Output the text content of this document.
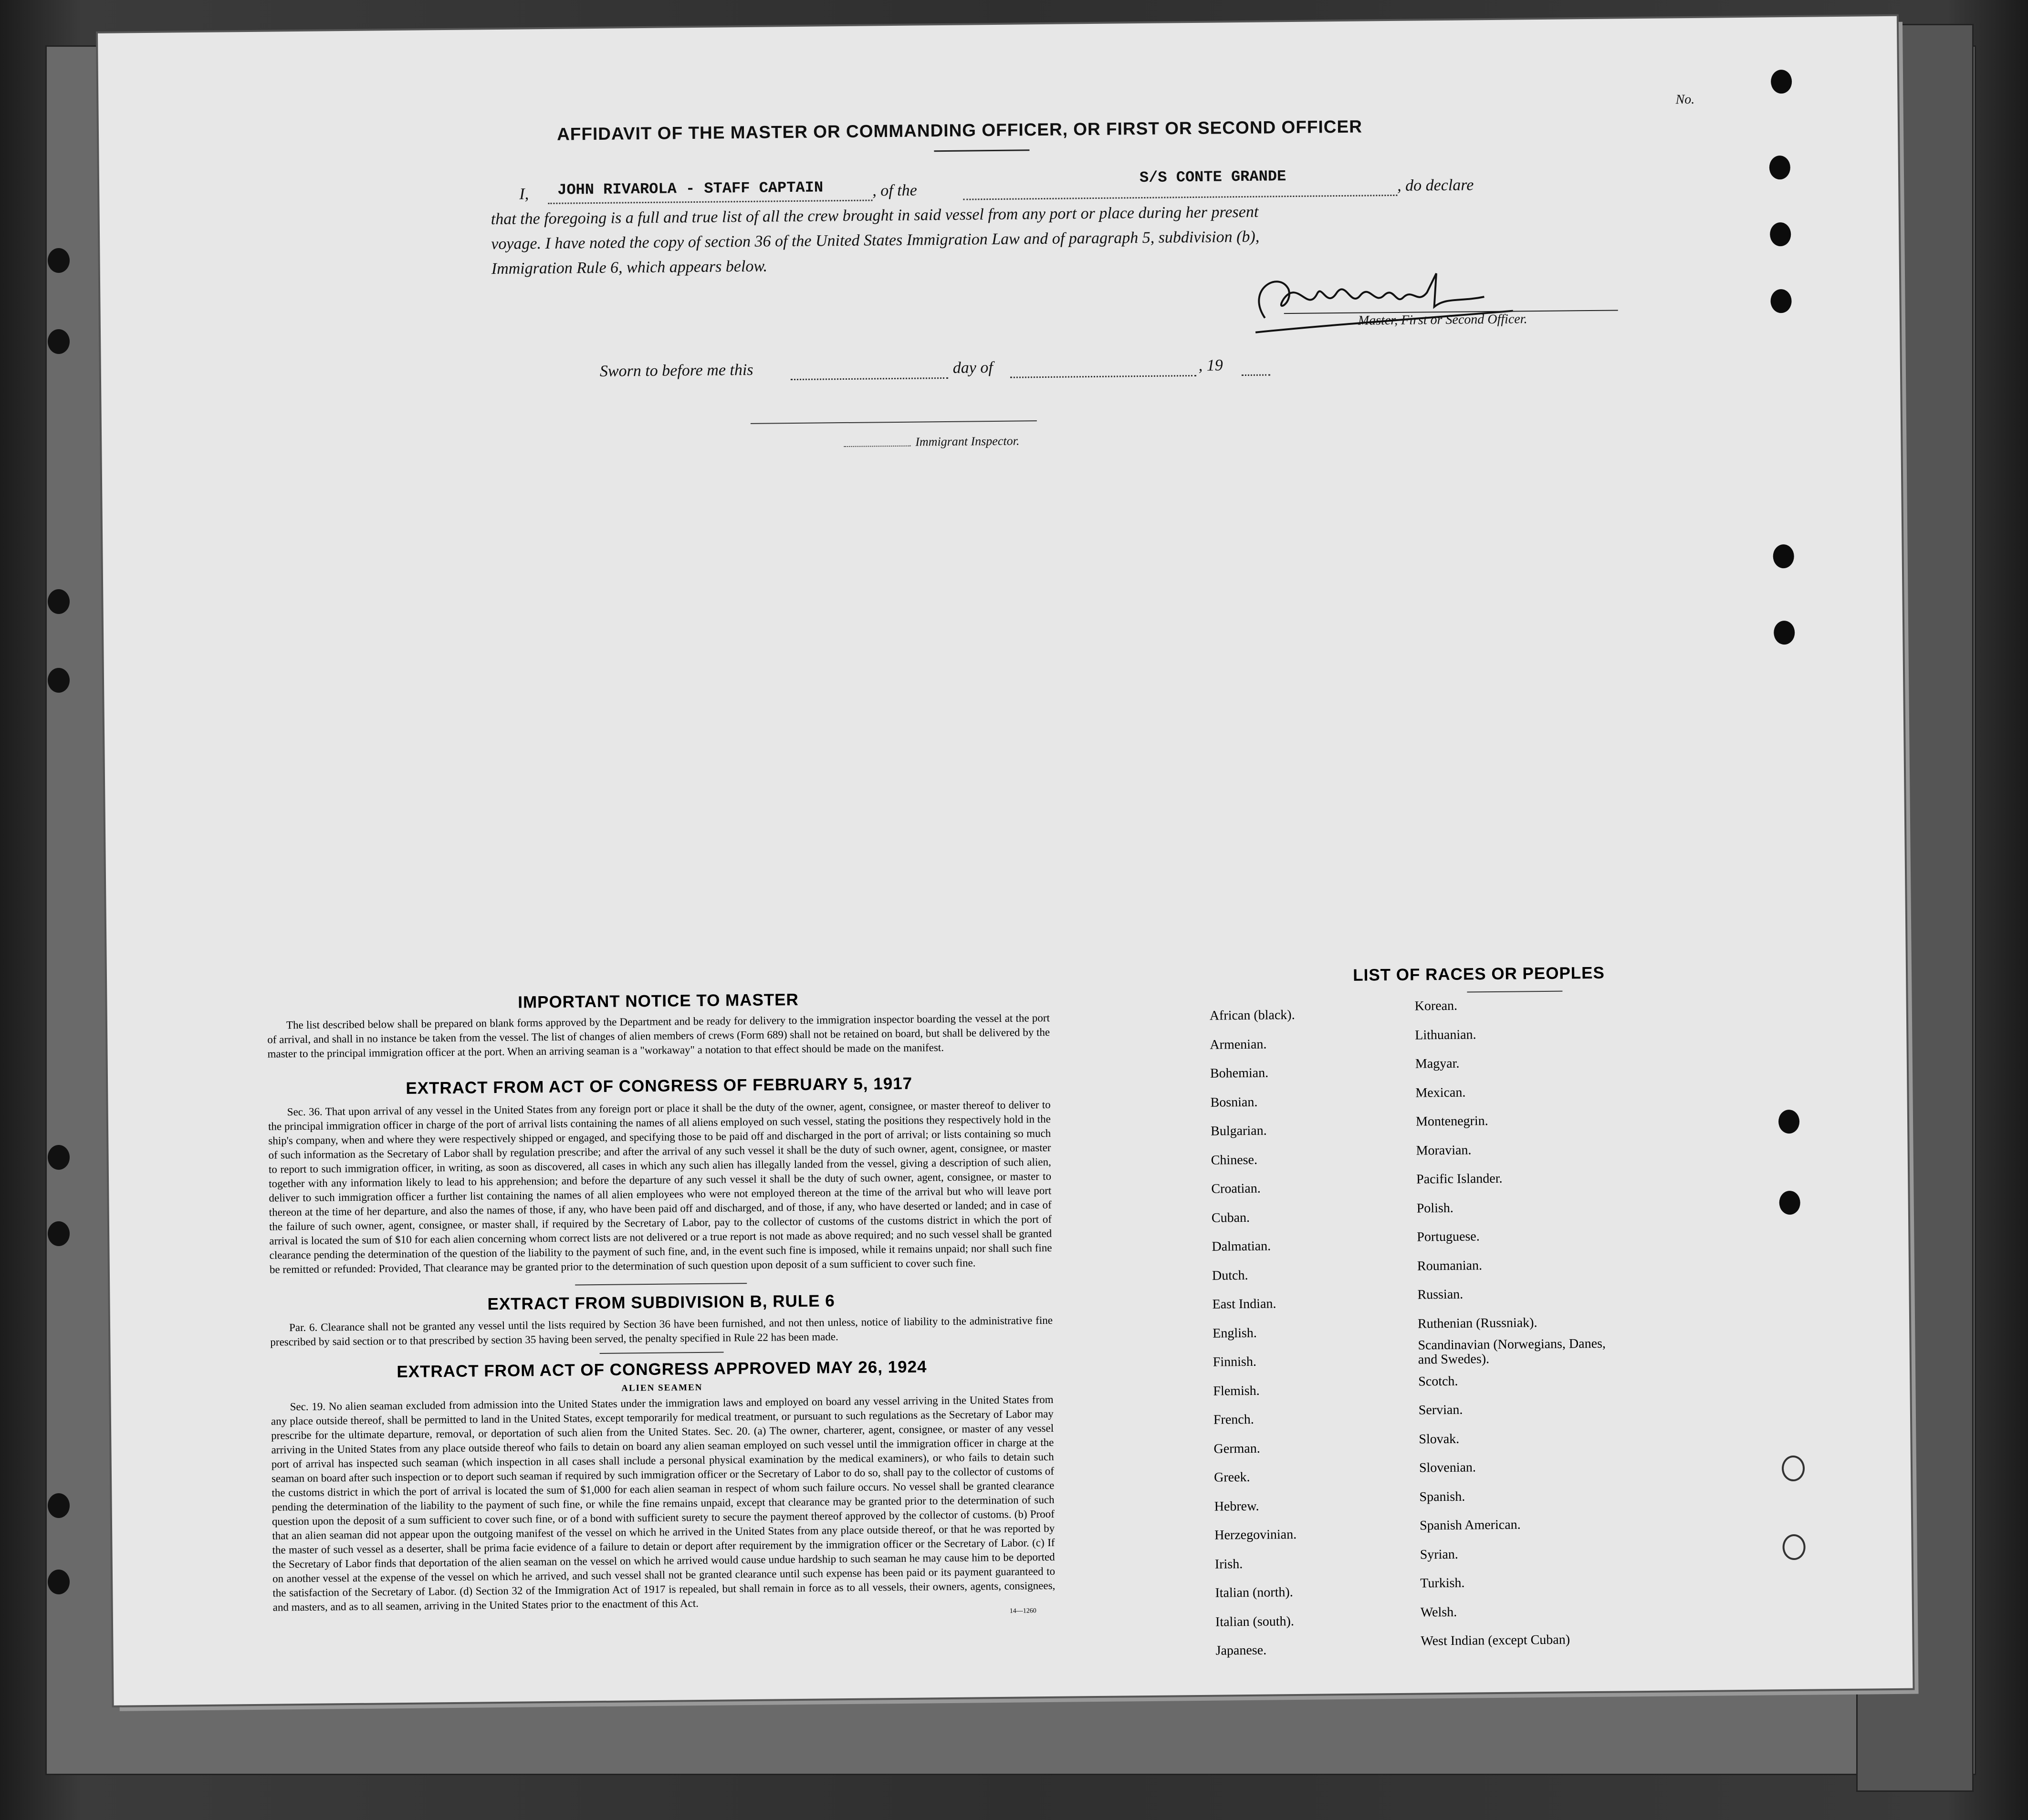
No.
AFFIDAVIT OF THE MASTER OR COMMANDING OFFICER, OR FIRST OR SECOND OFFICER
I, JOHN RIVAROLA - STAFF CAPTAIN	, of the
S/S CONTE GRANDE	, do declare
that the foregoing is a full and true list of all the crew brought in said vessel from any port or place during her present
voyage. I have noted the copy of section 36 of the United States Immigration Law and of paragraph 5, subdivision (b),
Immigration Rule 6, which appears below.
Master, First or Second Officer.
Sworn to before me this	day of	, 19
Immigrant Inspector.
IMPORTANT NOTICE TO MASTER
The list described below shall be prepared on blank forms approved by the Department and be ready for delivery to the immigration inspector boarding the vessel at the port of arrival, and shall in no instance be taken from the vessel. The list of changes of alien members of crews (Form 689) shall not be retained on board, but shall be delivered by the master to the principal immigration officer at the port. When an arriving seaman is a "workaway" a notation to that effect should be made on the manifest.
EXTRACT FROM ACT OF CONGRESS OF FEBRUARY 5, 1917
Sec. 36. That upon arrival of any vessel in the United States from any foreign port or place it shall be the duty of the owner, agent, consignee, or master thereof to deliver to the principal immigration officer in charge of the port of arrival lists containing the names of all aliens employed on such vessel, stating the positions they respectively hold in the ship's company, when and where they were respectively shipped or engaged, and specifying those to be paid off and discharged in the port of arrival; or lists containing so much of such information as the Secretary of Labor shall by regulation prescribe; and after the arrival of any such vessel it shall be the duty of such owner, agent, consignee, or master to report to such immigration officer, in writing, as soon as discovered, all cases in which any such alien has illegally landed from the vessel, giving a description of such alien, together with any information likely to lead to his apprehension; and before the departure of any such vessel it shall be the duty of such owner, agent, consignee, or master to deliver to such immigration officer a further list containing the names of all alien employees who were not employed thereon at the time of the arrival but who will leave port thereon at the time of her departure, and also the names of those, if any, who have been paid off and discharged, and of those, if any, who have deserted or landed; and in case of the failure of such owner, agent, consignee, or master shall, if required by the Secretary of Labor, pay to the collector of customs of the customs district in which the port of arrival is located the sum of $10 for each alien concerning whom correct lists are not delivered or a true report is not made as above required; and no such vessel shall be granted clearance pending the determination of the question of the liability to the payment of such fine, and, in the event such fine is imposed, while it remains unpaid; nor shall such fine be remitted or refunded: Provided, That clearance may be granted prior to the determination of such question upon deposit of a sum sufficient to cover such fine.
EXTRACT FROM SUBDIVISION B, RULE 6
Par. 6. Clearance shall not be granted any vessel until the lists required by Section 36 have been furnished, and not then unless, notice of liability to the administrative fine prescribed by said section or to that prescribed by section 35 having been served, the penalty specified in Rule 22 has been made.
EXTRACT FROM ACT OF CONGRESS APPROVED MAY 26, 1924
ALIEN SEAMEN
Sec. 19. No alien seaman excluded from admission into the United States under the immigration laws and employed on board any vessel arriving in the United States from any place outside thereof, shall be permitted to land in the United States, except temporarily for medical treatment, or pursuant to such regulations as the Secretary of Labor may prescribe for the ultimate departure, removal, or deportation of such alien from the United States. Sec. 20. (a) The owner, charterer, agent, consignee, or master of any vessel arriving in the United States from any place outside thereof who fails to detain on board any alien seaman employed on such vessel until the immigration officer in charge at the port of arrival has inspected such seaman (which inspection in all cases shall include a personal physical examination by the medical examiners), or who fails to detain such seaman on board after such inspection or to deport such seaman if required by such immigration officer or the Secretary of Labor to do so, shall pay to the collector of customs of the customs district in which the port of arrival is located the sum of $1,000 for each alien seaman in respect of whom such failure occurs. No vessel shall be granted clearance pending the determination of the liability to the payment of such fine, or while the fine remains unpaid, except that clearance may be granted prior to the determination of such question upon the deposit of a sum sufficient to cover such fine, or of a bond with sufficient surety to secure the payment thereof approved by the collector of customs. (b) Proof that an alien seaman did not appear upon the outgoing manifest of the vessel on which he arrived in the United States from any place outside thereof, or that he was reported by the master of such vessel as a deserter, shall be prima facie evidence of a failure to detain or deport after requirement by the immigration officer or the Secretary of Labor. (c) If the Secretary of Labor finds that deportation of the alien seaman on the vessel on which he arrived would cause undue hardship to such seaman he may cause him to be deported on another vessel at the expense of the vessel on which he arrived, and such vessel shall not be granted clearance until such expense has been paid or its payment guaranteed to the satisfaction of the Secretary of Labor. (d) Section 32 of the Immigration Act of 1917 is repealed, but shall remain in force as to all vessels, their owners, agents, consignees, and masters, and as to all seamen, arriving in the United States prior to the enactment of this Act.	14—1260
LIST OF RACES OR PEOPLES
African (black).
Armenian.
Bohemian.
Bosnian.
Bulgarian.
Chinese.
Croatian.
Cuban.
Dalmatian.
Dutch.
East Indian.
English.
Finnish.
Flemish.
French.
German.
Greek.
Hebrew.
Herzegovinian.
Irish.
Italian (north).
Italian (south).
Japanese.
Korean.
Lithuanian.
Magyar.
Mexican.
Montenegrin.
Moravian.
Pacific Islander.
Polish.
Portuguese.
Roumanian.
Russian.
Ruthenian (Russniak).
Scandinavian (Norwegians, Danes, and Swedes).
Scotch.
Servian.
Slovak.
Slovenian.
Spanish.
Spanish American.
Syrian.
Turkish.
Welsh.
West Indian (except Cuban)
